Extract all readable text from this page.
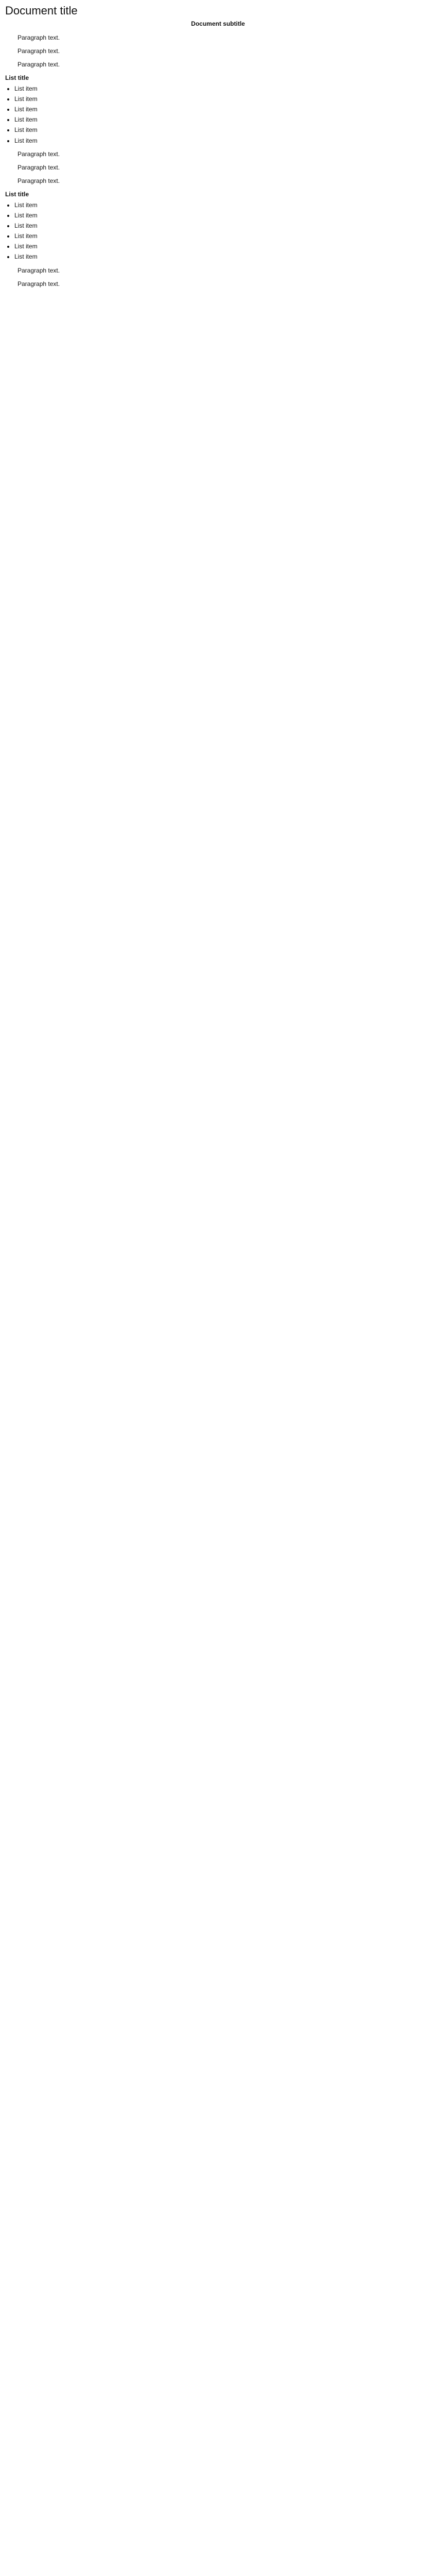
Document title
Document subtitle

Paragraph text.

Paragraph text.

Paragraph text.

List title
• List item
• List item
• List item
• List item
• List item
• List item

Paragraph text.

Paragraph text.

Paragraph text.

List title
• List item
• List item
• List item
• List item
• List item
• List item

Paragraph text.

Paragraph text.
